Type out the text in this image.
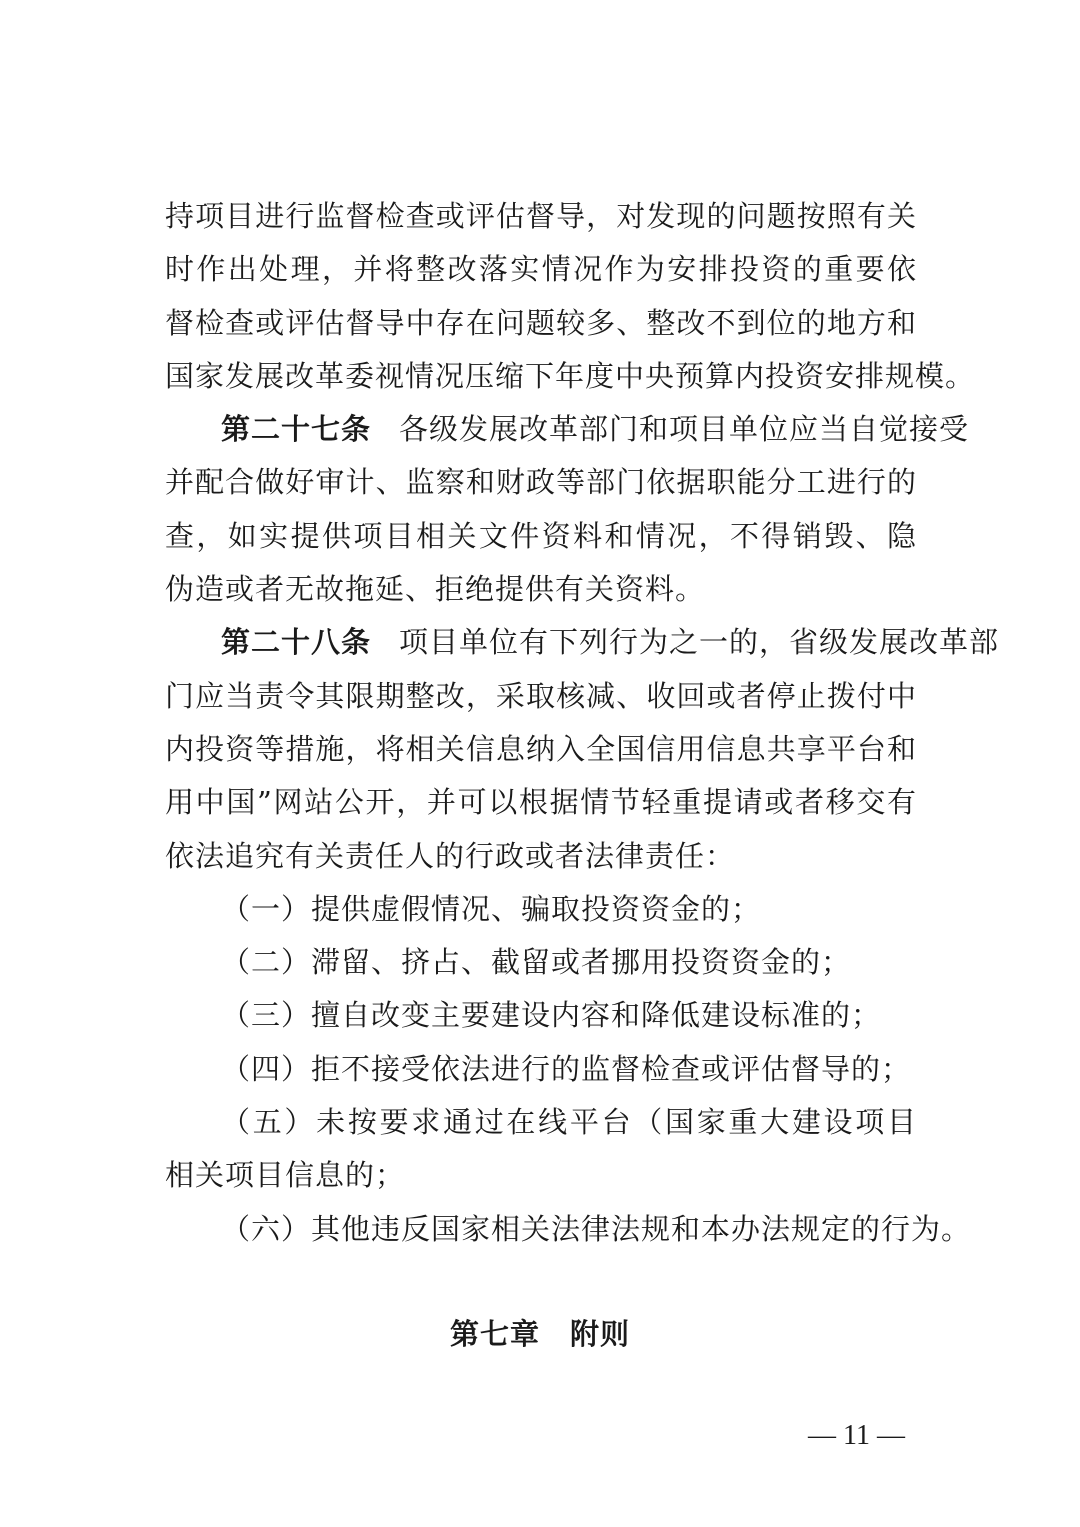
持项目进行监督检查或评估督导，对发现的问题按照有关
时作出处理，并将整改落实情况作为安排投资的重要依
督检查或评估督导中存在问题较多、整改不到位的地方和
国家发展改革委视情况压缩下年度中央预算内投资安排规模。
第二十七条 各级发展改革部门和项目单位应当自觉接受
并配合做好审计、监察和财政等部门依据职能分工进行的
查，如实提供项目相关文件资料和情况，不得销毁、隐
伪造或者无故拖延、拒绝提供有关资料。
第二十八条 项目单位有下列行为之一的，省级发展改革部
门应当责令其限期整改，采取核减、收回或者停止拨付中
内投资等措施，将相关信息纳入全国信用信息共享平台和
用中国”网站公开，并可以根据情节轻重提请或者移交有
依法追究有关责任人的行政或者法律责任：
（一）提供虚假情况、骗取投资资金的；
（二）滞留、挤占、截留或者挪用投资资金的；
（三）擅自改变主要建设内容和降低建设标准的；
（四）拒不接受依法进行的监督检查或评估督导的；
（五）未按要求通过在线平台（国家重大建设项目
相关项目信息的；
（六）其他违反国家相关法律法规和本办法规定的行为。
第七章 附则
— 11 —
